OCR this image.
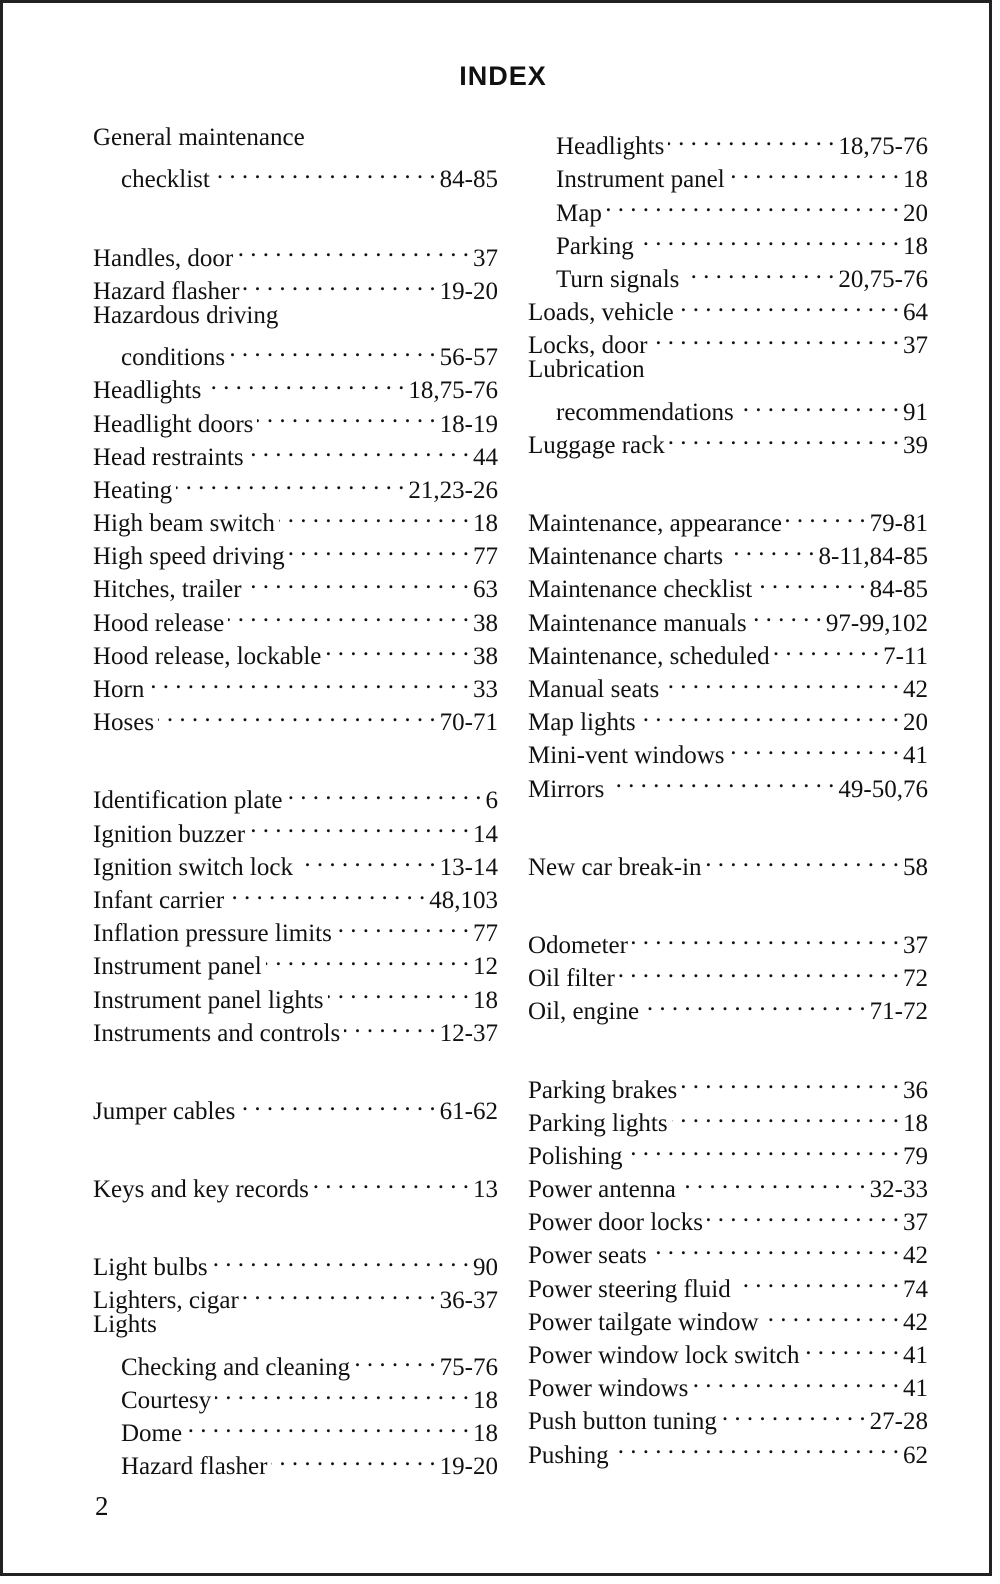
INDEX
General maintenance
checklist . . .	84-85
Handles, door . . .	37
Hazard flasher . . .	19-20
Hazardous driving
conditions . . .	56-57
Headlights . . .	18,75-76
Headlight doors . . .	18-19
Head restraints . . .	44
Heating . . .	21,23-26
High beam switch . . .	18
High speed driving . . .	77
Hitches, trailer . . .	63
Hood release . . .	38
Hood release, lockable . . .	38
Horn . . .	33
Hoses . . .	70-71
Identification plate . . .	6
Ignition buzzer . . .	14
Ignition switch lock . . .	13-14
Infant carrier . . .	48,103
Inflation pressure limits . . .	77
Instrument panel . . .	12
Instrument panel lights . . .	18
Instruments and controls . . .	12-37
Jumper cables . . .	61-62
Keys and key records . . .	13
Light bulbs . . .	90
Lighters, cigar . . .	36-37
Lights
Checking and cleaning . . .	75-76
Courtesy . . .	18
Dome . . .	18
Hazard flasher . . .	19-20
Headlights . . .	18,75-76
Instrument panel . . .	18
Map . . .	20
Parking . . .	18
Turn signals . . .	20,75-76
Loads, vehicle . . .	64
Locks, door . . .	37
Lubrication
recommendations . . .	91
Luggage rack . . .	39
Maintenance, appearance . . .	79-81
Maintenance charts . . .	8-11,84-85
Maintenance checklist . . .	84-85
Maintenance manuals . . .	97-99,102
Maintenance, scheduled . . .	7-11
Manual seats . . .	42
Map lights . . .	20
Mini-vent windows . . .	41
Mirrors . . .	49-50,76
New car break-in . . .	58
Odometer . . .	37
Oil filter . . .	72
Oil, engine . . .	71-72
Parking brakes . . .	36
Parking lights . . .	18
Polishing . . .	79
Power antenna . . .	32-33
Power door locks . . .	37
Power seats . . .	42
Power steering fluid . . .	74
Power tailgate window . . .	42
Power window lock switch . . .	41
Power windows . . .	41
Push button tuning . . .	27-28
Pushing . . .	62
2
